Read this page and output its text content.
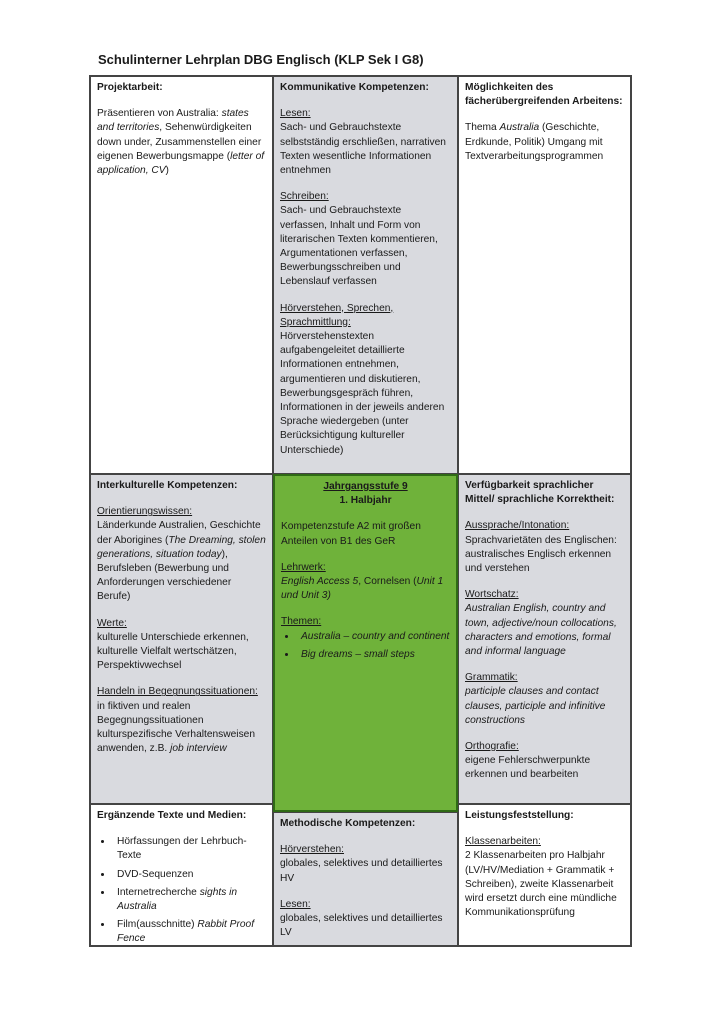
Schulinterner Lehrplan DBG Englisch (KLP Sek I G8)
Projektarbeit:
Präsentieren von Australia: states and territories, Sehenwürdigkeiten down under, Zusammenstellen einer eigenen Bewerbungsmappe (letter of application, CV)
Kommunikative Kompetenzen:
Lesen:
Sach- und Gebrauchstexte selbstständig erschließen, narrativen Texten wesentliche Informationen entnehmen
Schreiben:
Sach- und Gebrauchstexte verfassen, Inhalt und Form von literarischen Texten kommentieren, Argumentationen verfassen, Bewerbungsschreiben und Lebenslauf verfassen
Hörverstehen, Sprechen, Sprachmittlung:
Hörverstehenstexten aufgabengeleitet detaillierte Informationen entnehmen, argumentieren und diskutieren, Bewerbungsgespräch führen, Informationen in der jeweils anderen Sprache wiedergeben (unter Berücksichtigung kultureller Unterschiede)
Möglichkeiten des fächerübergreifenden Arbeitens:
Thema Australia (Geschichte, Erdkunde, Politik) Umgang mit Textverarbeitungsprogrammen
Interkulturelle Kompetenzen:
Orientierungswissen:
Länderkunde Australien, Geschichte der Aborigines (The Dreaming, stolen generations, situation today), Berufsleben (Bewerbung und Anforderungen verschiedener Berufe)
Werte:
kulturelle Unterschiede erkennen, kulturelle Vielfalt wertschätzen, Perspektivwechsel
Handeln in Begegnungssituationen:
in fiktiven und realen Begegnungssituationen kulturspezifische Verhaltensweisen anwenden, z.B. job interview
Jahrgangsstufe 9
1. Halbjahr
Kompetenzstufe A2 mit großen Anteilen von B1 des GeR
Lehrwerk:
English Access 5, Cornelsen (Unit 1 und Unit 3)
Themen:
• Australia – country and continent
• Big dreams – small steps
Verfügbarkeit sprachlicher Mittel/ sprachliche Korrektheit:
Aussprache/Intonation:
Sprachvarietäten des Englischen: australisches Englisch erkennen und verstehen
Wortschatz:
Australian English, country and town, adjective/noun collocations, characters and emotions, formal and informal language
Grammatik:
participle clauses and contact clauses, participle and infinitive constructions
Orthografie:
eigene Fehlerschwerpunkte erkennen und bearbeiten
Ergänzende Texte und Medien:
• Hörfassungen der Lehrbuch-Texte
• DVD-Sequenzen
• Internetrecherche sights in Australia
• Film(ausschnitte) Rabbit Proof Fence
Methodische Kompetenzen:
Hörverstehen:
globales, selektives und detailliertes HV
Lesen:
globales, selektives und detailliertes LV
Leistungsfeststellung:
Klassenarbeiten:
2 Klassenarbeiten pro Halbjahr (LV/HV/Mediation + Grammatik + Schreiben), zweite Klassenarbeit wird ersetzt durch eine mündliche Kommunikationsprüfung
